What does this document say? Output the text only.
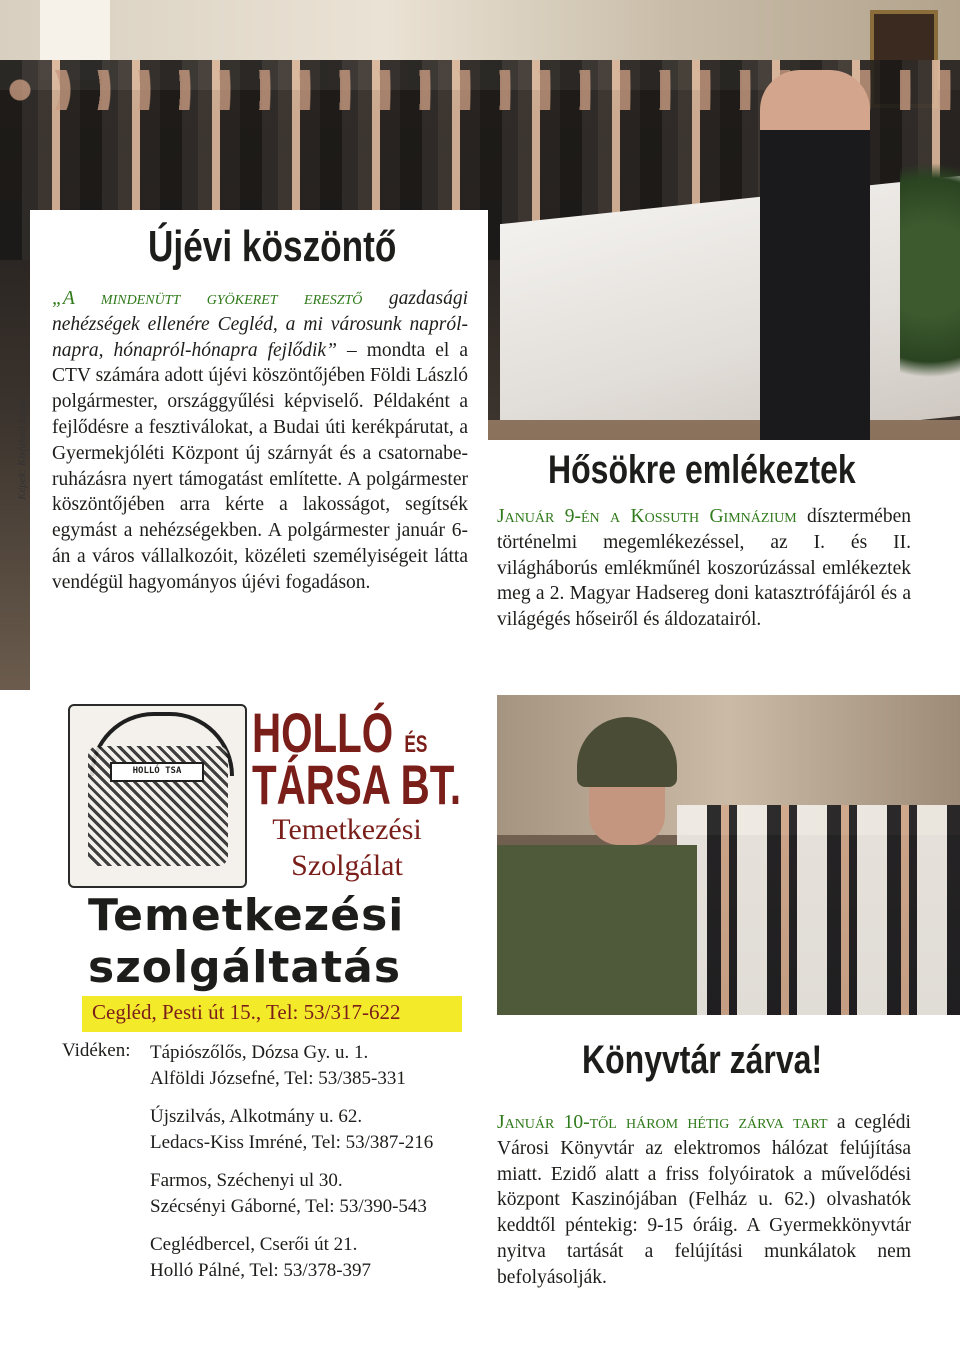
Képek: Kisfaludi István
Újévi köszöntő
„A mindenütt gyökeret eresztő gazdasági nehézségek ellenére Cegléd, a mi városunk napról-napra, hónapról-hónapra fejlődik” – mondta el a CTV számára adott újévi köszöntőjében Földi László polgármester, országgyűlési képviselő. Példaként a fejlődésre a fesztiválokat, a Budai úti kerékpárutat, a Gyermekjóléti Központ új szárnyát és a csatornaberuházásra nyert támogatást említette. A polgármester köszöntőjében arra kérte a lakosságot, segítsék egymást a nehézségekben. A polgármester január 6-án a város vállalkozóit, közéleti személyiségeit látta vendégül hagyományos újévi fogadáson.
Hősökre emlékeztek
Január 9-én a Kossuth Gimnázium dísztermében történelmi megemlékezéssel, az I. és II. világháborús emlékműnél koszorúzással emlékeztek meg a 2. Magyar Hadsereg doni katasztrófájáról és a világégés hőseiről és áldozatairól.
HOLLÓ TSA
HOLLÓ ÉS
TÁRSA BT.
Temetkezési Szolgálat
Temetkezési szolgáltatás
Cegléd, Pesti út 15., Tel: 53/317-622
Vidéken:	Tápiószőlős, Dózsa Gy. u. 1.
Alföldi Józsefné, Tel: 53/385-331
Újszilvás, Alkotmány u. 62.
Ledacs-Kiss Imréné, Tel: 53/387-216
Farmos, Széchenyi ul 30.
Szécsényi Gáborné, Tel: 53/390-543
Ceglédbercel, Cserői út 21.
Holló Pálné, Tel: 53/378-397
Könyvtár zárva!
Január 10-től három hétig zárva tart a ceglédi Városi Könyvtár az elektromos hálózat felújítása miatt. Ezidő alatt a friss folyóiratok a művelődési központ Kaszinójában (Felház u. 62.) olvashatók keddtől péntekig: 9-15 óráig. A Gyermekkönyvtár nyitva tartását a felújítási munkálatok nem befolyásolják.
